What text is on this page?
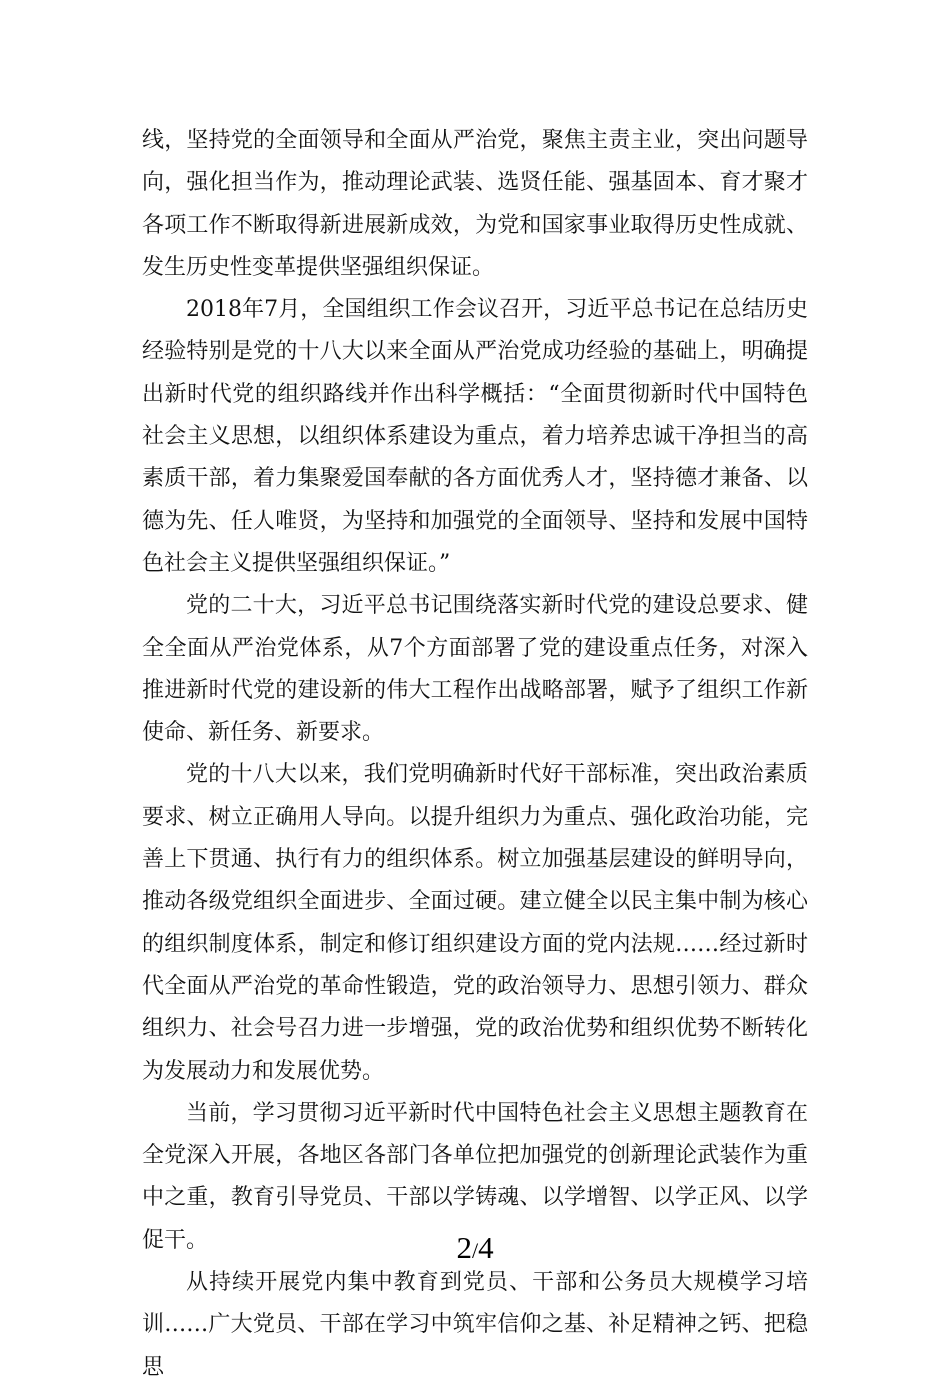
线，坚持党的全面领导和全面从严治党，聚焦主责主业，突出问题导向，强化担当作为，推动理论武装、选贤任能、强基固本、育才聚才各项工作不断取得新进展新成效，为党和国家事业取得历史性成就、发生历史性变革提供坚强组织保证。

2018年7月，全国组织工作会议召开，习近平总书记在总结历史经验特别是党的十八大以来全面从严治党成功经验的基础上，明确提出新时代党的组织路线并作出科学概括：“全面贯彻新时代中国特色社会主义思想，以组织体系建设为重点，着力培养忠诚干净担当的高素质干部，着力集聚爱国奉献的各方面优秀人才，坚持德才兼备、以德为先、任人唯贤，为坚持和加强党的全面领导、坚持和发展中国特色社会主义提供坚强组织保证。”

党的二十大，习近平总书记围绕落实新时代党的建设总要求、健全全面从严治党体系，从7个方面部署了党的建设重点任务，对深入推进新时代党的建设新的伟大工程作出战略部署，赋予了组织工作新使命、新任务、新要求。

党的十八大以来，我们党明确新时代好干部标准，突出政治素质要求、树立正确用人导向。以提升组织力为重点、强化政治功能，完善上下贯通、执行有力的组织体系。树立加强基层建设的鲜明导向，推动各级党组织全面进步、全面过硬。建立健全以民主集中制为核心的组织制度体系，制定和修订组织建设方面的党内法规……经过新时代全面从严治党的革命性锻造，党的政治领导力、思想引领力、群众组织力、社会号召力进一步增强，党的政治优势和组织优势不断转化为发展动力和发展优势。

当前，学习贯彻习近平新时代中国特色社会主义思想主题教育在全党深入开展，各地区各部门各单位把加强党的创新理论武装作为重中之重，教育引导党员、干部以学铸魂、以学增智、以学正风、以学促干。

从持续开展党内集中教育到党员、干部和公务员大规模学习培训……广大党员、干部在学习中筑牢信仰之基、补足精神之钙、把稳思

2/4
